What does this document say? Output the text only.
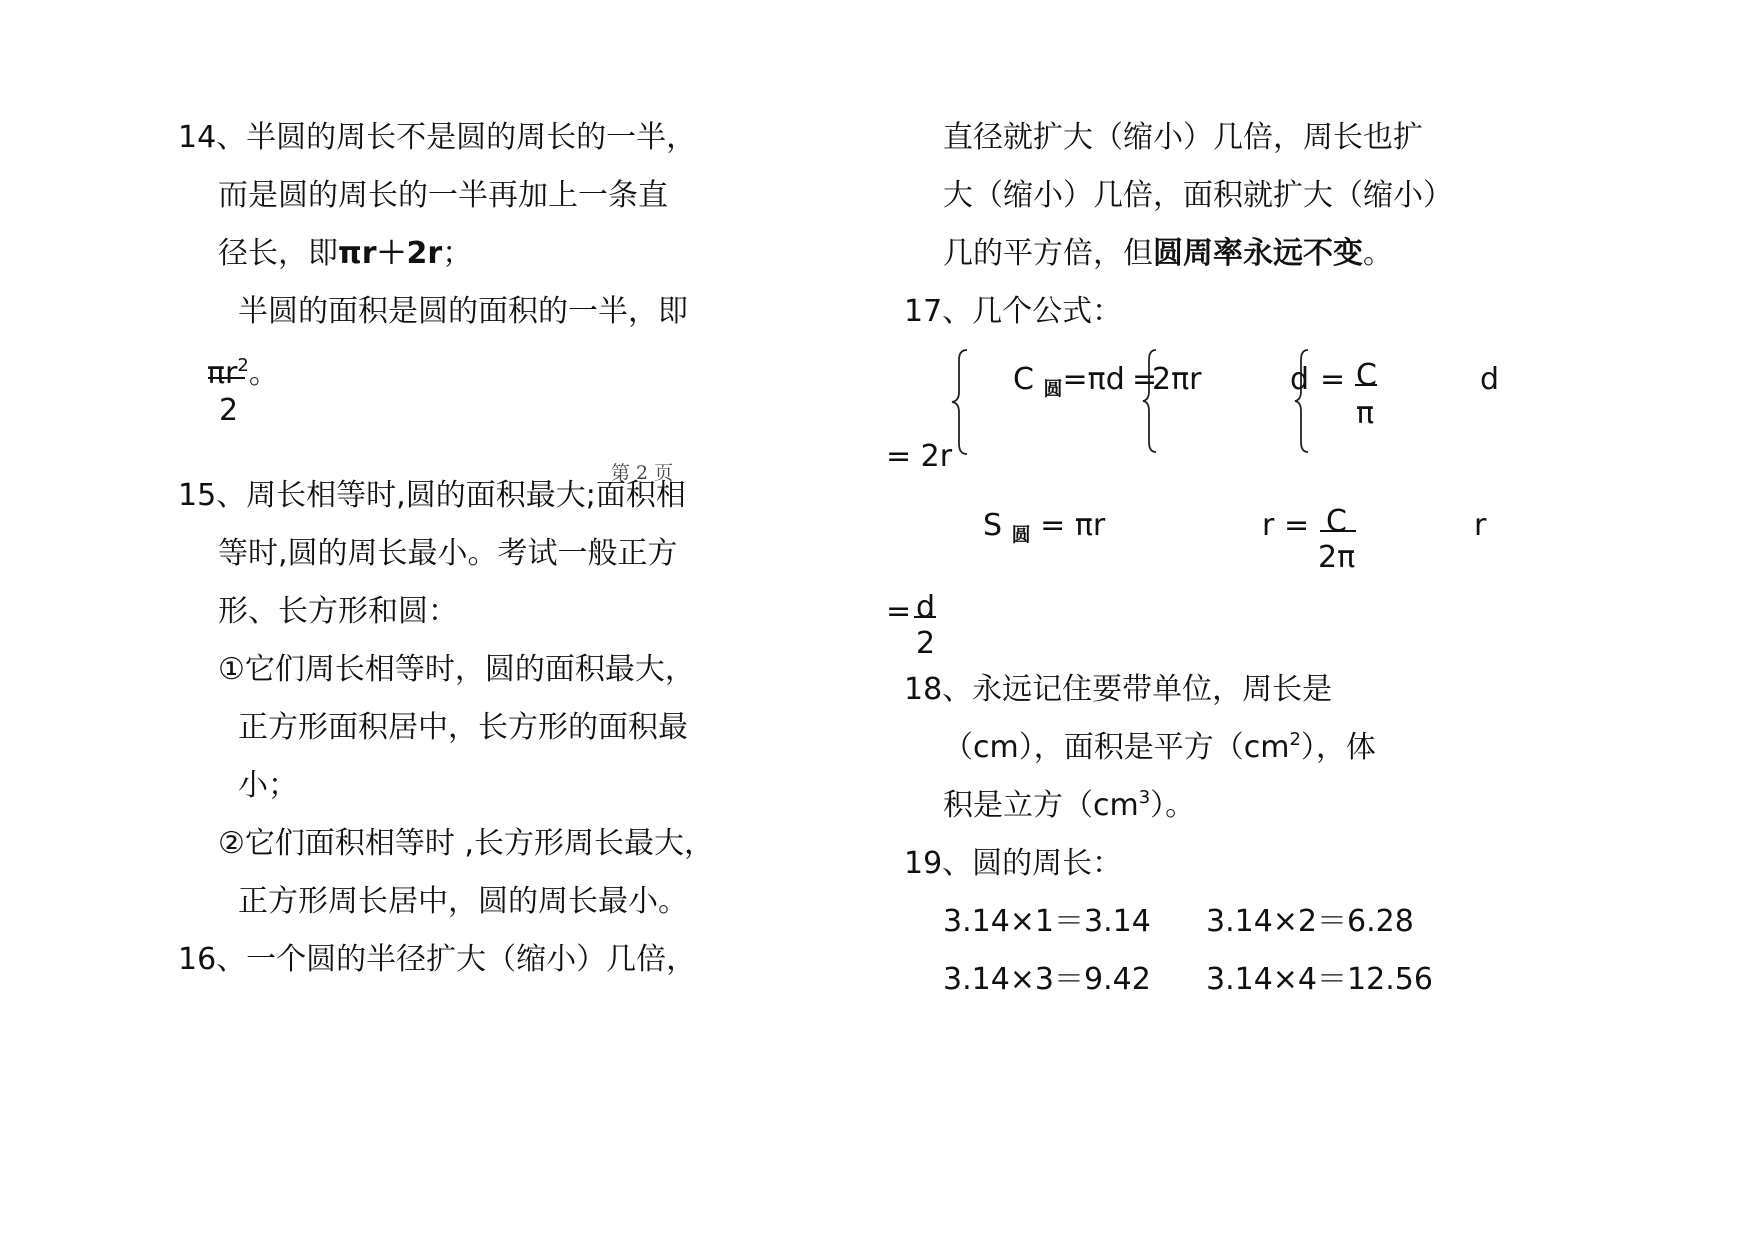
14、半圆的周长不是圆的周长的一半，
而是圆的周长的一半再加上一条直
径长，即πr＋2r；
半圆的面积是圆的面积的一半，即
$\pi r^2$。
2
第 2 页
15、周长相等时,圆的面积最大;面积相
等时,圆的周长最小。考试一般正方
形、长方形和圆：
①它们周长相等时，圆的面积最大，
正方形面积居中，长方形的面积最
小；
②它们面积相等时 ,长方形周长最大，
正方形周长居中，圆的周长最小。
16、一个圆的半径扩大（缩小）几倍，
直径就扩大（缩小）几倍，周长也扩
大（缩小）几倍，面积就扩大（缩小）
几的平方倍，但圆周率永远不变。
17、几个公式：
C $_圆$=πd =
2πr	d = C
π
d
= 2r
S $_圆$ = πr	r = C
2π
r
= d
2
18、永远记住要带单位，周长是
（cm），面积是平方$(cm^2)$，体
积是立方$(cm^3)$。
19、圆的周长：
3.14×1＝3.14 3.14×2＝6.28
3.14×3＝9.42 3.14×4＝12.56
